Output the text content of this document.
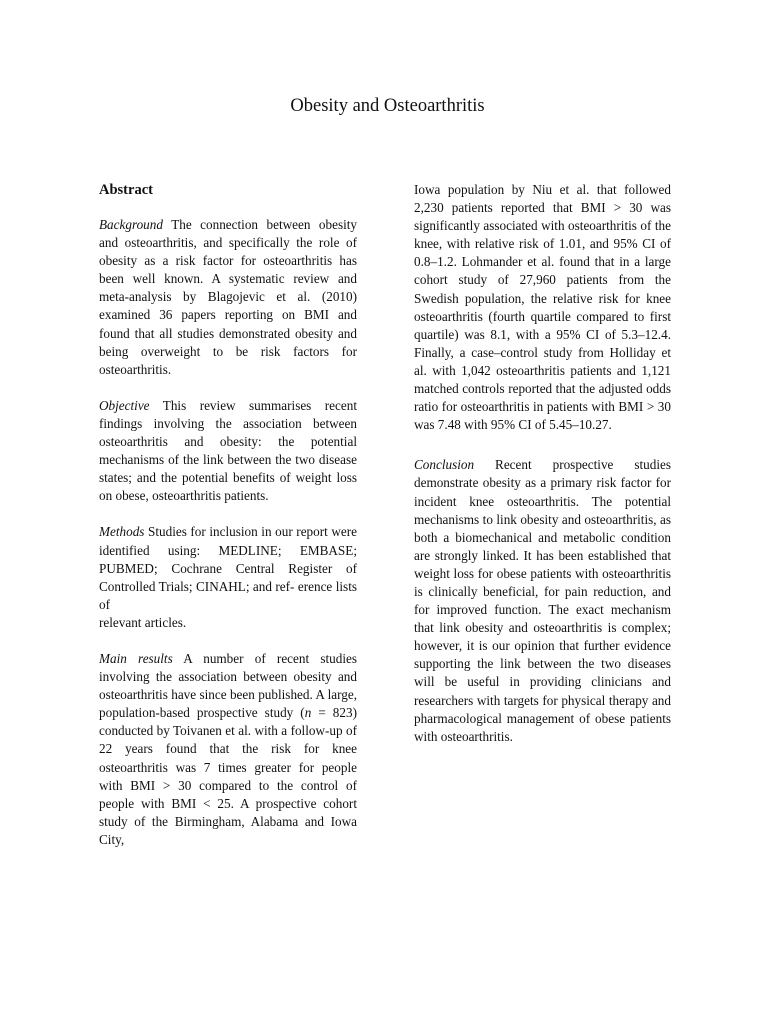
Obesity and Osteoarthritis
Abstract

Background The connection between obesity and osteoarthritis, and specifically the role of obesity as a risk factor for osteoarthritis has been well known. A systematic review and meta-analysis by Blagojevic et al. (2010) examined 36 papers reporting on BMI and found that all studies demonstrated obesity and being overweight to be risk factors for osteoarthritis.

Objective This review summarises recent findings involving the association between osteoarthritis and obesity: the potential mechanisms of the link between the two disease states; and the potential benefits of weight loss on obese, osteoarthritis patients.

Methods Studies for inclusion in our report were identified using: MEDLINE; EMBASE; PUBMED; Cochrane Central Register of Controlled Trials; CINAHL; and ref- erence lists of
relevant articles.

Main results A number of recent studies involving the association between obesity and osteoarthritis have since been published. A large, population-based prospective study (n = 823) conducted by Toivanen et al. with a follow-up of 22 years found that the risk for knee osteoarthritis was 7 times greater for people with BMI > 30 compared to the control of people with BMI < 25. A prospective cohort study of the Birmingham, Alabama and Iowa City,

Iowa population by Niu et al. that followed 2,230 patients reported that BMI > 30 was significantly associated with osteoarthritis of the knee, with relative risk of 1.01, and 95% CI of 0.8–1.2. Lohmander et al. found that in a large cohort study of 27,960 patients from the Swedish population, the relative risk for knee osteoarthritis (fourth quartile compared to first quartile) was 8.1, with a 95% CI of 5.3–12.4. Finally, a case–control study from Holliday et al. with 1,042 osteoarthritis patients and 1,121 matched controls reported that the adjusted odds ratio for osteoarthritis in patients with BMI > 30 was 7.48 with 95% CI of 5.45–10.27.

Conclusion Recent prospective studies demonstrate obesity as a primary risk factor for incident knee osteoarthritis. The potential mechanisms to link obesity and osteoarthritis, as both a biomechanical and metabolic condition are strongly linked. It has been established that weight loss for obese patients with osteoarthritis is clinically beneficial, for pain reduction, and for improved function. The exact mechanism that link obesity and osteoarthritis is complex; however, it is our opinion that further evidence supporting the link between the two diseases will be useful in providing clinicians and researchers with targets for physical therapy and pharmacological management of obese patients with osteoarthritis.
